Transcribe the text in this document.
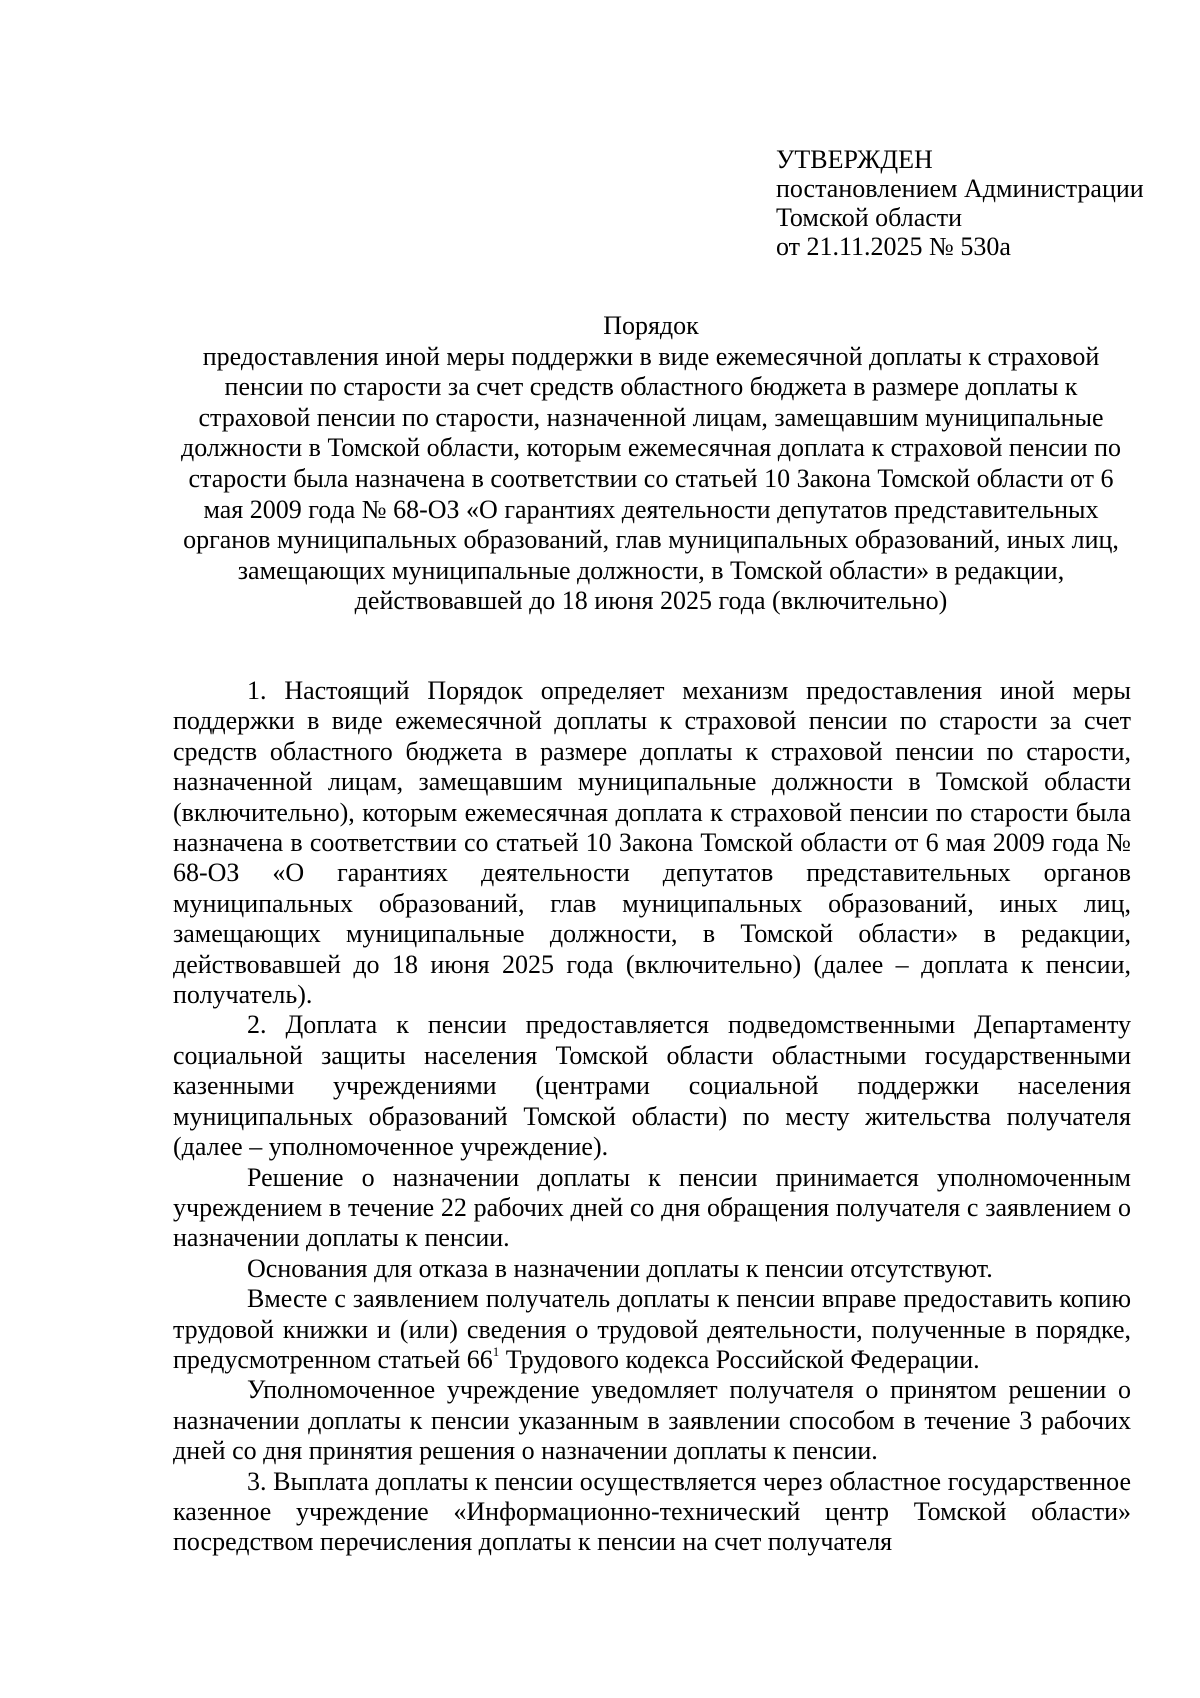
УТВЕРЖДЕН
постановлением Администрации
Томской области
от 21.11.2025 № 530а
Порядок
предоставления иной меры поддержки в виде ежемесячной доплаты к страховой пенсии по старости за счет средств областного бюджета в размере доплаты к страховой пенсии по старости, назначенной лицам, замещавшим муниципальные должности в Томской области, которым ежемесячная доплата к страховой пенсии по старости была назначена в соответствии со статьей 10 Закона Томской области от 6 мая 2009 года № 68-ОЗ «О гарантиях деятельности депутатов представительных органов муниципальных образований, глав муниципальных образований, иных лиц, замещающих муниципальные должности, в Томской области» в редакции, действовавшей до 18 июня 2025 года (включительно)

1. Настоящий Порядок определяет механизм предоставления иной меры поддержки в виде ежемесячной доплаты к страховой пенсии по старости за счет средств областного бюджета в размере доплаты к страховой пенсии по старости, назначенной лицам, замещавшим муниципальные должности в Томской области (включительно), которым ежемесячная доплата к страховой пенсии по старости была назначена в соответствии со статьей 10 Закона Томской области от 6 мая 2009 года № 68-ОЗ «О гарантиях деятельности депутатов представительных органов муниципальных образований, глав муниципальных образований, иных лиц, замещающих муниципальные должности, в Томской области» в редакции, действовавшей до 18 июня 2025 года (включительно) (далее – доплата к пенсии, получатель).

2. Доплата к пенсии предоставляется подведомственными Департаменту социальной защиты населения Томской области областными государственными казенными учреждениями (центрами социальной поддержки населения муниципальных образований Томской области) по месту жительства получателя (далее – уполномоченное учреждение).

Решение о назначении доплаты к пенсии принимается уполномоченным учреждением в течение 22 рабочих дней со дня обращения получателя с заявлением о назначении доплаты к пенсии.

Основания для отказа в назначении доплаты к пенсии отсутствуют.

Вместе с заявлением получатель доплаты к пенсии вправе предоставить копию трудовой книжки и (или) сведения о трудовой деятельности, полученные в порядке, предусмотренном статьей 66$^1$ Трудового кодекса Российской Федерации.

Уполномоченное учреждение уведомляет получателя о принятом решении о назначении доплаты к пенсии указанным в заявлении способом в течение 3 рабочих дней со дня принятия решения о назначении доплаты к пенсии.

3. Выплата доплаты к пенсии осуществляется через областное государственное казенное учреждение «Информационно-технический центр Томской области» посредством перечисления доплаты к пенсии на счет получателя
